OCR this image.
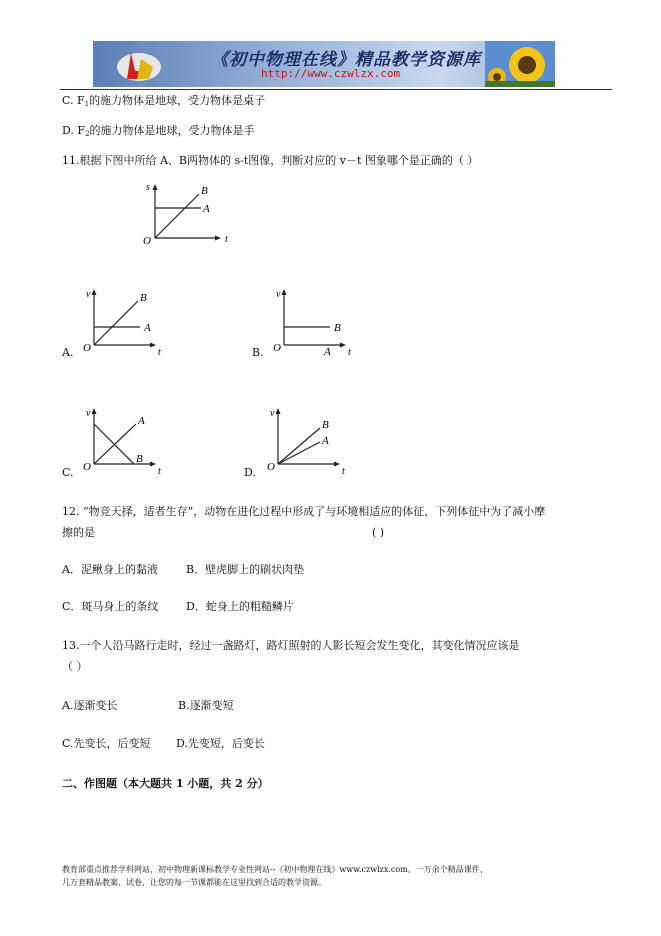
《初中物理在线》精品教学资源库
http://www.czwlzx.com
C. $F_1$的施力物体是地球，受力物体是桌子
D. $F_2$的施力物体是地球，受力物体是手
11.根据下图中所给 A、B两物体的 s-t图像，判断对应的 v－t 图象哪个是正确的（ ）
s
t
O
B
A
A.
v
t
O
B
A
B.
v
t
O
B
A
C.
v
t
O
A
B
D.
v
t
O
B
A
12. “物竞天择，适者生存”，动物在进化过程中形成了与环境相适应的体征，下列体征中为了减小摩
擦的是	( )
A．泥鳅身上的黏液	B．壁虎脚上的刷状肉垫
C．斑马身上的条纹	D．蛇身上的粗糙鳞片
13.一个人沿马路行走时，经过一盏路灯，路灯照射的人影长短会发生变化，其变化情况应该是
（ ）
A.逐渐变长	B.逐渐变短
C.先变长，后变短 D.先变短，后变长
二、作图题（本大题共 1 小题，共 2 分）
教育部重点推荐学科网站，初中物理新课标教学专业性网站--《初中物理在线》www.czwlzx.com。一万余个精品课件、
几万套精品教案、试卷，让您的每一节课都能在这里找到合适的教学资源。
